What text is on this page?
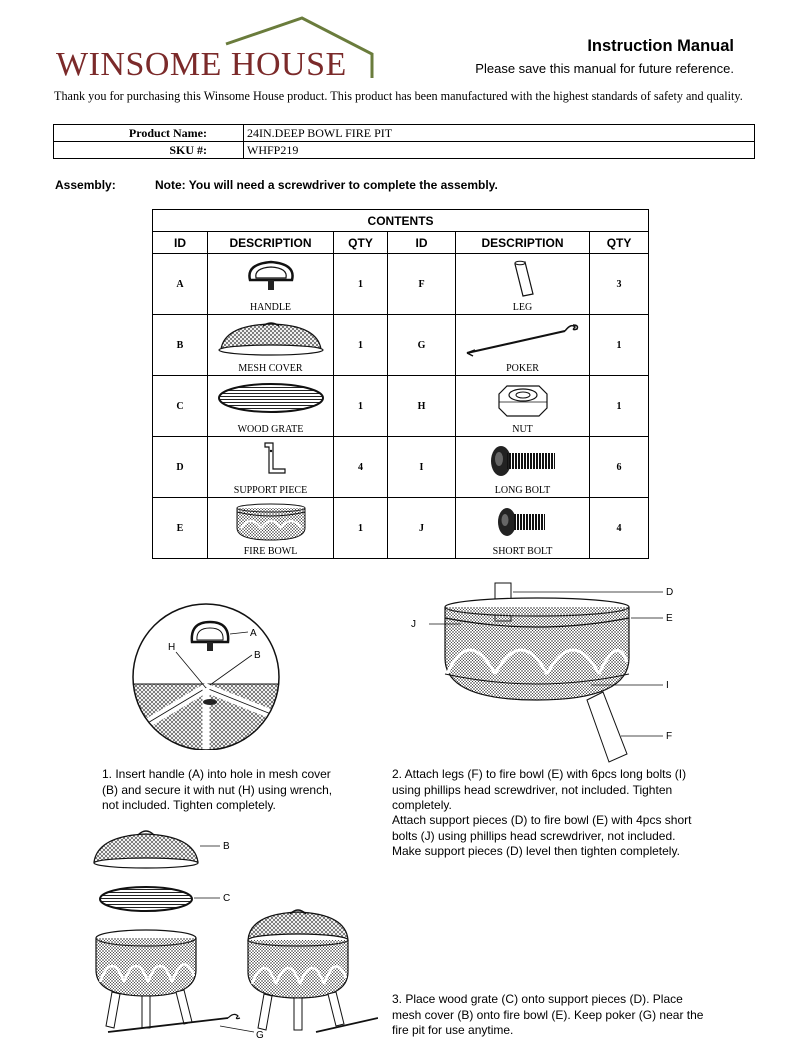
WINSOME HOUSE	Instruction Manual
Please save this manual for future reference.
Thank you for purchasing this Winsome House product. This product has been manufactured with the highest standards of safety and quality.
Product Name:	24IN.DEEP BOWL FIRE PIT
SKU #:	WHFP219
Assembly:	Note: You will need a screwdriver to complete the assembly.
CONTENTS					
ID	DESCRIPTION	QTY	ID	DESCRIPTION	QTY
A	HANDLE	1	F	LEG	3
B	MESH COVER	1	G	POKER	1
C	WOOD GRATE	1	H	NUT	1
D	SUPPORT PIECE	4	I	LONG BOLT	6
E	FIRE BOWL	1	J	SHORT BOLT	4
A
H
B
D
E
J
I
F
1. Insert handle (A) into hole in mesh cover (B) and secure it with nut (H) using wrench, not included. Tighten completely.
2. Attach legs (F) to fire bowl (E) with 6pcs long bolts (I) using phillips head screwdriver, not included. Tighten completely.
Attach support pieces (D) to fire bowl (E) with 4pcs short bolts (J) using phillips head screwdriver, not included. Make support pieces (D) level then tighten completely.
B
C
G
3. Place wood grate (C) onto support pieces (D). Place mesh cover (B) onto fire bowl (E). Keep poker (G) near the fire pit for use anytime.
